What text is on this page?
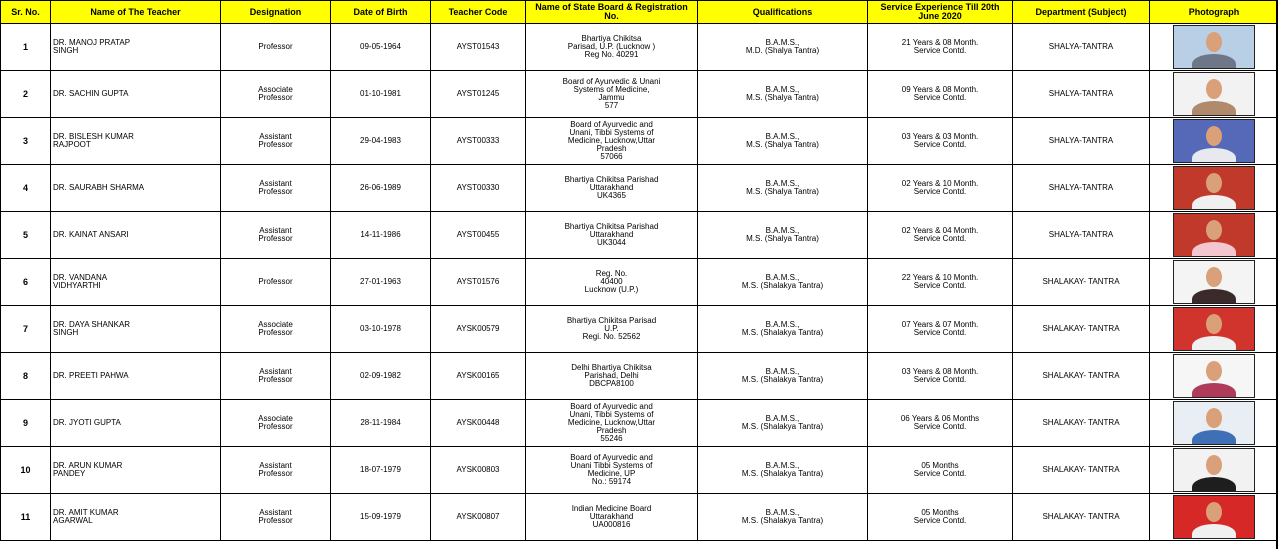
Sr. No.	Name of The Teacher	Designation	Date of Birth	Teacher Code	Name of State Board & Registration No.	Qualifications	Service Experience Till 20th June 2020	Department (Subject)	Photograph
1	DR. MANOJ PRATAP
SINGH	Professor	09-05-1964	AYST01543	Bhartiya Chikitsa
Parisad, U.P. (Lucknow )
Reg No. 40291	B.A.M.S.,
M.D. (Shalya Tantra)	21 Years & 08 Month.
Service Contd.	SHALYA-TANTRA	

2	DR. SACHIN GUPTA	Associate
Professor	01-10-1981	AYST01245	Board of Ayurvedic & Unani
Systems of Medicine,
Jammu
577	B.A.M.S.,
M.S. (Shalya Tantra)	09 Years & 08 Month.
Service Contd.	SHALYA-TANTRA	

3	DR. BISLESH KUMAR
RAJPOOT	Assistant
Professor	29-04-1983	AYST00333	Board of Ayurvedic and
Unani, Tibbi Systems of
Medicine, Lucknow,Uttar
Pradesh
57066	B.A.M.S.,
M.S. (Shalya Tantra)	03 Years & 03 Month.
Service Contd.	SHALYA-TANTRA	

4	DR. SAURABH SHARMA	Assistant
Professor	26-06-1989	AYST00330	Bhartiya Chikitsa Parishad
Uttarakhand
UK4365	B.A.M.S.,
M.S. (Shalya Tantra)	02 Years & 10 Month.
Service Contd.	SHALYA-TANTRA	

5	DR. KAINAT ANSARI	Assistant
Professor	14-11-1986	AYST00455	Bhartiya Chikitsa Parishad
Uttarakhand
UK3044	B.A.M.S.,
M.S. (Shalya Tantra)	02 Years & 04 Month.
Service Contd.	SHALYA-TANTRA	

6	DR. VANDANA
VIDHYARTHI	Professor	27-01-1963	AYST01576	Reg. No.
40400
Lucknow (U.P.)	B.A.M.S.,
M.S. (Shalakya Tantra)	22 Years & 10 Month.
Service Contd.	SHALAKAY- TANTRA	

7	DR. DAYA SHANKAR
SINGH	Associate
Professor	03-10-1978	AYSK00579	Bhartiya Chikitsa Parisad
U.P.
Regi. No. 52562	B.A.M.S.,
M.S. (Shalakya Tantra)	07 Years & 07 Month.
Service Contd.	SHALAKAY- TANTRA	

8	DR. PREETI PAHWA	Assistant
Professor	02-09-1982	AYSK00165	Delhi Bhartiya Chikitsa
Parishad, Delhi
DBCPA8100	B.A.M.S.,
M.S. (Shalakya Tantra)	03 Years & 08 Month.
Service Contd.	SHALAKAY- TANTRA	

9	DR. JYOTI GUPTA	Associate
Professor	28-11-1984	AYSK00448	Board of Ayurvedic and
Unani, Tibbi Systems of
Medicine, Lucknow,Uttar
Pradesh
55246	B.A.M.S.,
M.S. (Shalakya Tantra)	06 Years & 06 Months
Service Contd.	SHALAKAY- TANTRA	

10	DR. ARUN KUMAR
PANDEY	Assistant
Professor	18-07-1979	AYSK00803	Board of Ayurvedic and
Unani Tibbi Systems of
Medicine, UP
No.: 59174	B.A.M.S.,
M.S. (Shalakya Tantra)	05 Months
Service Contd.	SHALAKAY- TANTRA	

11	DR. AMIT KUMAR
AGARWAL	Assistant
Professor	15-09-1979	AYSK00807	Indian Medicine Board
Uttarakhand
UA000816	B.A.M.S.,
M.S. (Shalakya Tantra)	05 Months
Service Contd.	SHALAKAY- TANTRA	
